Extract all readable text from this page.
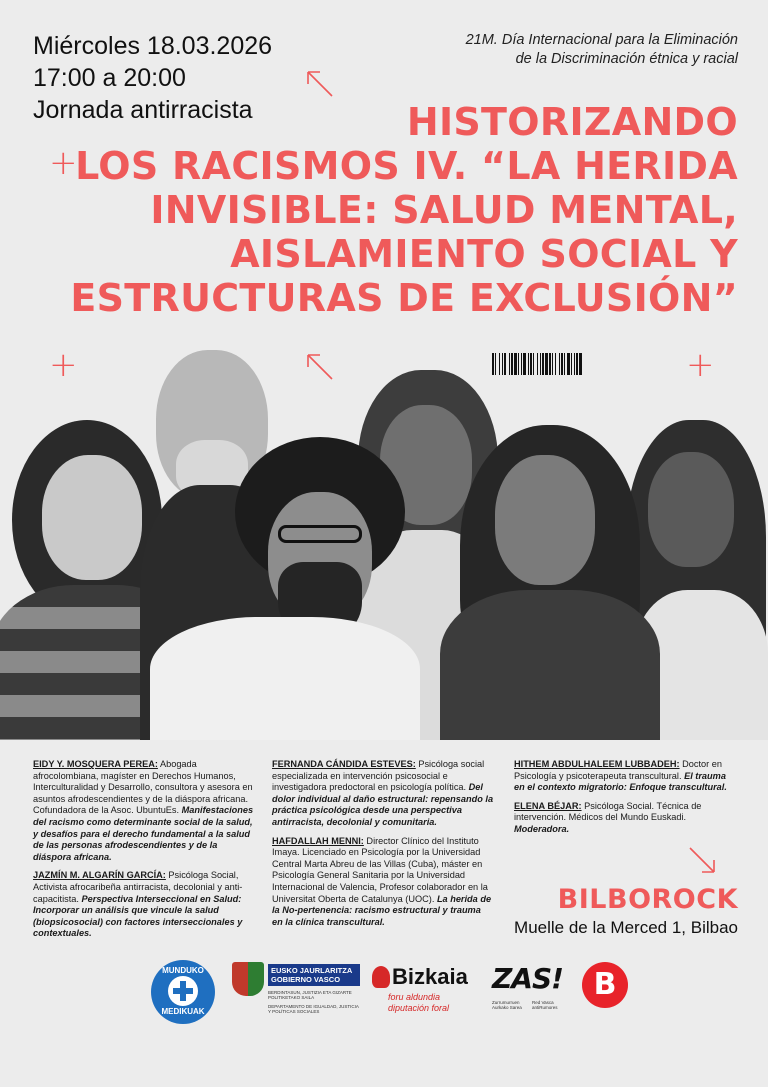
Miércoles 18.03.2026
17:00 a 20:00
Jornada antirracista
21M. Día Internacional para la Eliminación
de la Discriminación étnica y racial
+
HISTORIZANDO
LOS RACISMOS IV. “LA HERIDA
INVISIBLE: SALUD MENTAL,
AISLAMIENTO SOCIAL Y
ESTRUCTURAS DE EXCLUSIÓN”
+	+

EIDY Y. MOSQUERA PEREA: Abogada afrocolombiana, magíster en Derechos Humanos, Interculturalidad y Desarrollo, consultora y asesora en asuntos afrodescendientes y de la diáspora africana. Cofundadora de la Asoc. UbuntuEs. Manifestaciones del racismo como determinante social de la salud, y desafíos para el derecho fundamental a la salud de las personas afrodescendientes y de la diáspora africana.

JAZMÍN M. ALGARÍN GARCÍA: Psicóloga Social, Activista afrocaribeña antirracista, decolonial y anti-capacitista. Perspectiva Interseccional en Salud: Incorporar un análisis que vincule la salud (biopsicosocial) con factores interseccionales y contextuales.

FERNANDA CÁNDIDA ESTEVES: Psicóloga social especializada en intervención psicosocial e investigadora predoctoral en psicología política. Del dolor individual al daño estructural: repensando la práctica psicológica desde una perspectiva antirracista, decolonial y comunitaria.

HAFDALLAH MENNI: Director Clínico del Instituto Imaya. Licenciado en Psicología por la Universidad Central Marta Abreu de las Villas (Cuba), máster en Psicología General Sanitaria por la Universidad Internacional de Valencia, Profesor colaborador en la Universitat Oberta de Catalunya (UOC). La herida de la No-pertenencia: racismo estructural y trauma en la clínica transcultural.

HITHEM ABDULHALEEM LUBBADEH: Doctor en Psicología y psicoterapeuta transcultural. El trauma en el contexto migratorio: Enfoque transcultural.

ELENA BÉJAR: Psicóloga Social. Técnica de intervención. Médicos del Mundo Euskadi. Moderadora.

BILBOROCK
Muelle de la Merced 1, Bilbao
MUNDUKO
MEDIKUAK
EUSKO JAURLARITZA
GOBIERNO VASCO
BERDINTASUN, JUSTIZIA ETA GIZARTE POLITIKETAKO SAILA
DEPARTAMENTO DE IGUALDAD, JUSTICIA Y POLÍTICAS SOCIALES
Bizkaia
foru aldundia
diputación foral
ZAS!
Zurrumurruen Aurkako Sarea
Red Vasca antiRumores
B
